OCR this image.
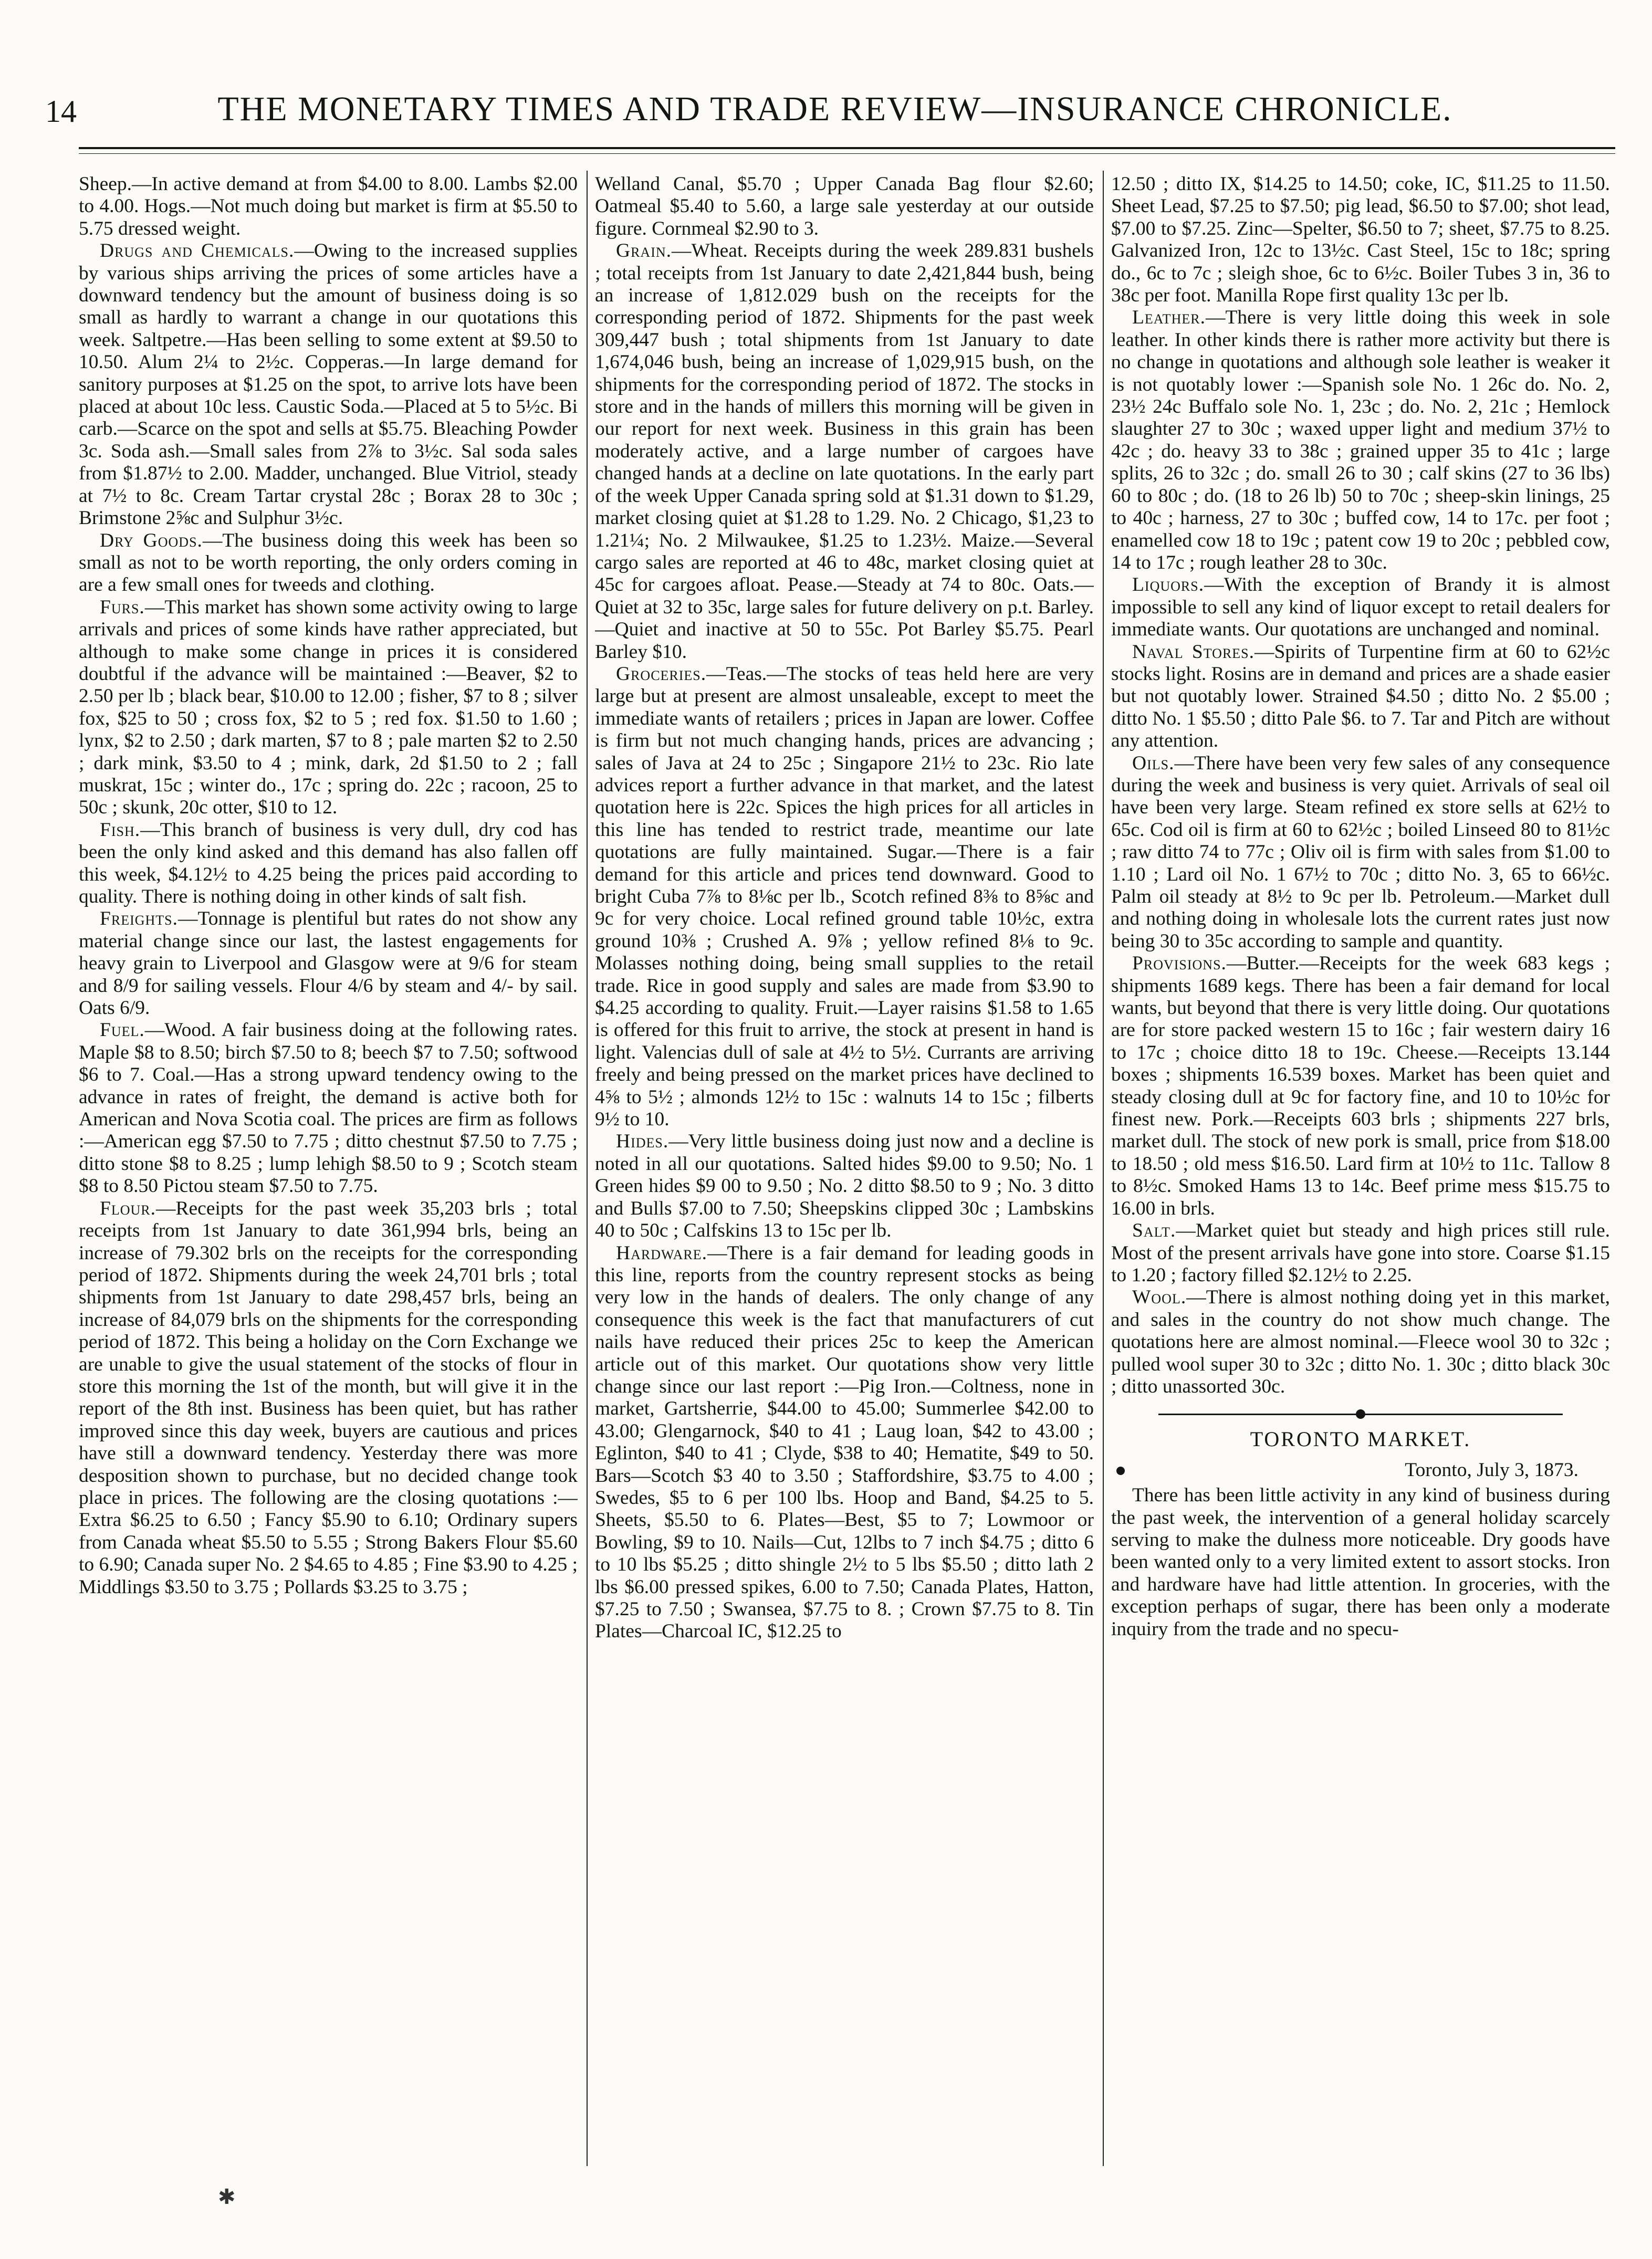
14	THE MONETARY TIMES AND TRADE REVIEW—INSURANCE CHRONICLE.

Sheep.—In active demand at from $4.00 to 8.00. Lambs $2.00 to 4.00. Hogs.—Not much doing but market is firm at $5.50 to 5.75 dressed weight.

Drugs and Chemicals.—Owing to the increased supplies by various ships arriving the prices of some articles have a downward tendency but the amount of business doing is so small as hardly to warrant a change in our quotations this week. Saltpetre.—Has been selling to some extent at $9.50 to 10.50. Alum 2¼ to 2½c. Copperas.—In large demand for sanitory purposes at $1.25 on the spot, to arrive lots have been placed at about 10c less. Caustic Soda.—Placed at 5 to 5½c. Bi carb.—Scarce on the spot and sells at $5.75. Bleaching Powder 3c. Soda ash.—Small sales from 2⅞ to 3½c. Sal soda sales from $1.87½ to 2.00. Madder, unchanged. Blue Vitriol, steady at 7½ to 8c. Cream Tartar crystal 28c ; Borax 28 to 30c ; Brimstone 2⅝c and Sulphur 3½c.

Dry Goods.—The business doing this week has been so small as not to be worth reporting, the only orders coming in are a few small ones for tweeds and clothing.

Furs.—This market has shown some activity owing to large arrivals and prices of some kinds have rather appreciated, but although to make some change in prices it is considered doubtful if the advance will be maintained :—Beaver, $2 to 2.50 per lb ; black bear, $10.00 to 12.00 ; fisher, $7 to 8 ; silver fox, $25 to 50 ; cross fox, $2 to 5 ; red fox. $1.50 to 1.60 ; lynx, $2 to 2.50 ; dark marten, $7 to 8 ; pale marten $2 to 2.50 ; dark mink, $3.50 to 4 ; mink, dark, 2d $1.50 to 2 ; fall muskrat, 15c ; winter do., 17c ; spring do. 22c ; racoon, 25 to 50c ; skunk, 20c otter, $10 to 12.

Fish.—This branch of business is very dull, dry cod has been the only kind asked and this demand has also fallen off this week, $4.12½ to 4.25 being the prices paid according to quality. There is nothing doing in other kinds of salt fish.

Freights.—Tonnage is plentiful but rates do not show any material change since our last, the lastest engagements for heavy grain to Liverpool and Glasgow were at 9/6 for steam and 8/9 for sailing vessels. Flour 4/6 by steam and 4/- by sail. Oats 6/9.

Fuel.—Wood. A fair business doing at the following rates. Maple $8 to 8.50; birch $7.50 to 8; beech $7 to 7.50; softwood $6 to 7. Coal.—Has a strong upward tendency owing to the advance in rates of freight, the demand is active both for American and Nova Scotia coal. The prices are firm as follows :—American egg $7.50 to 7.75 ; ditto chestnut $7.50 to 7.75 ; ditto stone $8 to 8.25 ; lump lehigh $8.50 to 9 ; Scotch steam $8 to 8.50 Pictou steam $7.50 to 7.75.

Flour.—Receipts for the past week 35,203 brls ; total receipts from 1st January to date 361,994 brls, being an increase of 79.302 brls on the receipts for the corresponding period of 1872. Shipments during the week 24,701 brls ; total shipments from 1st January to date 298,457 brls, being an increase of 84,079 brls on the shipments for the corresponding period of 1872. This being a holiday on the Corn Exchange we are unable to give the usual statement of the stocks of flour in store this morning the 1st of the month, but will give it in the report of the 8th inst. Business has been quiet, but has rather improved since this day week, buyers are cautious and prices have still a downward tendency. Yesterday there was more desposition shown to purchase, but no decided change took place in prices. The following are the closing quotations :—Extra $6.25 to 6.50 ; Fancy $5.90 to 6.10; Ordinary supers from Canada wheat $5.50 to 5.55 ; Strong Bakers Flour $5.60 to 6.90; Canada super No. 2 $4.65 to 4.85 ; Fine $3.90 to 4.25 ; Middlings $3.50 to 3.75 ; Pollards $3.25 to 3.75 ;

Welland Canal, $5.70 ; Upper Canada Bag flour $2.60; Oatmeal $5.40 to 5.60, a large sale yesterday at our outside figure. Cornmeal $2.90 to 3.

Grain.—Wheat. Receipts during the week 289.831 bushels ; total receipts from 1st January to date 2,421,844 bush, being an increase of 1,812.029 bush on the receipts for the corresponding period of 1872. Shipments for the past week 309,447 bush ; total shipments from 1st January to date 1,674,046 bush, being an increase of 1,029,915 bush, on the shipments for the corresponding period of 1872. The stocks in store and in the hands of millers this morning will be given in our report for next week. Business in this grain has been moderately active, and a large number of cargoes have changed hands at a decline on late quotations. In the early part of the week Upper Canada spring sold at $1.31 down to $1.29, market closing quiet at $1.28 to 1.29. No. 2 Chicago, $1,23 to 1.21¼; No. 2 Milwaukee, $1.25 to 1.23½. Maize.—Several cargo sales are reported at 46 to 48c, market closing quiet at 45c for cargoes afloat. Pease.—Steady at 74 to 80c. Oats.—Quiet at 32 to 35c, large sales for future delivery on p.t. Barley.—Quiet and inactive at 50 to 55c. Pot Barley $5.75. Pearl Barley $10.

Groceries.—Teas.—The stocks of teas held here are very large but at present are almost unsaleable, except to meet the immediate wants of retailers ; prices in Japan are lower. Coffee is firm but not much changing hands, prices are advancing ; sales of Java at 24 to 25c ; Singapore 21½ to 23c. Rio late advices report a further advance in that market, and the latest quotation here is 22c. Spices the high prices for all articles in this line has tended to restrict trade, meantime our late quotations are fully maintained. Sugar.—There is a fair demand for this article and prices tend downward. Good to bright Cuba 7⅞ to 8⅛c per lb., Scotch refined 8⅜ to 8⅝c and 9c for very choice. Local refined ground table 10½c, extra ground 10⅜ ; Crushed A. 9⅞ ; yellow refined 8⅛ to 9c. Molasses nothing doing, being small supplies to the retail trade. Rice in good supply and sales are made from $3.90 to $4.25 according to quality. Fruit.—Layer raisins $1.58 to 1.65 is offered for this fruit to arrive, the stock at present in hand is light. Valencias dull of sale at 4½ to 5½. Currants are arriving freely and being pressed on the market prices have declined to 4⅝ to 5½ ; almonds 12½ to 15c : walnuts 14 to 15c ; filberts 9½ to 10.

Hides.—Very little business doing just now and a decline is noted in all our quotations. Salted hides $9.00 to 9.50; No. 1 Green hides $9 00 to 9.50 ; No. 2 ditto $8.50 to 9 ; No. 3 ditto and Bulls $7.00 to 7.50; Sheepskins clipped 30c ; Lambskins 40 to 50c ; Calfskins 13 to 15c per lb.

Hardware.—There is a fair demand for leading goods in this line, reports from the country represent stocks as being very low in the hands of dealers. The only change of any consequence this week is the fact that manufacturers of cut nails have reduced their prices 25c to keep the American article out of this market. Our quotations show very little change since our last report :—Pig Iron.—Coltness, none in market, Gartsherrie, $44.00 to 45.00; Summerlee $42.00 to 43.00; Glengarnock, $40 to 41 ; Laug loan, $42 to 43.00 ; Eglinton, $40 to 41 ; Clyde, $38 to 40; Hematite, $49 to 50. Bars—Scotch $3 40 to 3.50 ; Staffordshire, $3.75 to 4.00 ; Swedes, $5 to 6 per 100 lbs. Hoop and Band, $4.25 to 5. Sheets, $5.50 to 6. Plates—Best, $5 to 7; Lowmoor or Bowling, $9 to 10. Nails—Cut, 12lbs to 7 inch $4.75 ; ditto 6 to 10 lbs $5.25 ; ditto shingle 2½ to 5 lbs $5.50 ; ditto lath 2 lbs $6.00 pressed spikes, 6.00 to 7.50; Canada Plates, Hatton, $7.25 to 7.50 ; Swansea, $7.75 to 8. ; Crown $7.75 to 8. Tin Plates—Charcoal IC, $12.25 to

12.50 ; ditto IX, $14.25 to 14.50; coke, IC, $11.25 to 11.50. Sheet Lead, $7.25 to $7.50; pig lead, $6.50 to $7.00; shot lead, $7.00 to $7.25. Zinc—Spelter, $6.50 to 7; sheet, $7.75 to 8.25. Galvanized Iron, 12c to 13½c. Cast Steel, 15c to 18c; spring do., 6c to 7c ; sleigh shoe, 6c to 6½c. Boiler Tubes 3 in, 36 to 38c per foot. Manilla Rope first quality 13c per lb.

Leather.—There is very little doing this week in sole leather. In other kinds there is rather more activity but there is no change in quotations and although sole leather is weaker it is not quotably lower :—Spanish sole No. 1 26c do. No. 2, 23½ 24c Buffalo sole No. 1, 23c ; do. No. 2, 21c ; Hemlock slaughter 27 to 30c ; waxed upper light and medium 37½ to 42c ; do. heavy 33 to 38c ; grained upper 35 to 41c ; large splits, 26 to 32c ; do. small 26 to 30 ; calf skins (27 to 36 lbs) 60 to 80c ; do. (18 to 26 lb) 50 to 70c ; sheep-skin linings, 25 to 40c ; harness, 27 to 30c ; buffed cow, 14 to 17c. per foot ; enamelled cow 18 to 19c ; patent cow 19 to 20c ; pebbled cow, 14 to 17c ; rough leather 28 to 30c.

Liquors.—With the exception of Brandy it is almost impossible to sell any kind of liquor except to retail dealers for immediate wants. Our quotations are unchanged and nominal.

Naval Stores.—Spirits of Turpentine firm at 60 to 62½c stocks light. Rosins are in demand and prices are a shade easier but not quotably lower. Strained $4.50 ; ditto No. 2 $5.00 ; ditto No. 1 $5.50 ; ditto Pale $6. to 7. Tar and Pitch are without any attention.

Oils.—There have been very few sales of any consequence during the week and business is very quiet. Arrivals of seal oil have been very large. Steam refined ex store sells at 62½ to 65c. Cod oil is firm at 60 to 62½c ; boiled Linseed 80 to 81½c ; raw ditto 74 to 77c ; Oliv oil is firm with sales from $1.00 to 1.10 ; Lard oil No. 1 67½ to 70c ; ditto No. 3, 65 to 66½c. Palm oil steady at 8½ to 9c per lb. Petroleum.—Market dull and nothing doing in wholesale lots the current rates just now being 30 to 35c according to sample and quantity.

Provisions.—Butter.—Receipts for the week 683 kegs ; shipments 1689 kegs. There has been a fair demand for local wants, but beyond that there is very little doing. Our quotations are for store packed western 15 to 16c ; fair western dairy 16 to 17c ; choice ditto 18 to 19c. Cheese.—Receipts 13.144 boxes ; shipments 16.539 boxes. Market has been quiet and steady closing dull at 9c for factory fine, and 10 to 10½c for finest new. Pork.—Receipts 603 brls ; shipments 227 brls, market dull. The stock of new pork is small, price from $18.00 to 18.50 ; old mess $16.50. Lard firm at 10½ to 11c. Tallow 8 to 8½c. Smoked Hams 13 to 14c. Beef prime mess $15.75 to 16.00 in brls.

Salt.—Market quiet but steady and high prices still rule. Most of the present arrivals have gone into store. Coarse $1.15 to 1.20 ; factory filled $2.12½ to 2.25.

Wool.—There is almost nothing doing yet in this market, and sales in the country do not show much change. The quotations here are almost nominal.—Fleece wool 30 to 32c ; pulled wool super 30 to 32c ; ditto No. 1. 30c ; ditto black 30c ; ditto unassorted 30c.

TORONTO MARKET.
Toronto, July 3, 1873.

There has been little activity in any kind of business during the past week, the intervention of a general holiday scarcely serving to make the dulness more noticeable. Dry goods have been wanted only to a very limited extent to assort stocks. Iron and hardware have had little attention. In groceries, with the exception perhaps of sugar, there has been only a moderate inquiry from the trade and no specu-

✱
